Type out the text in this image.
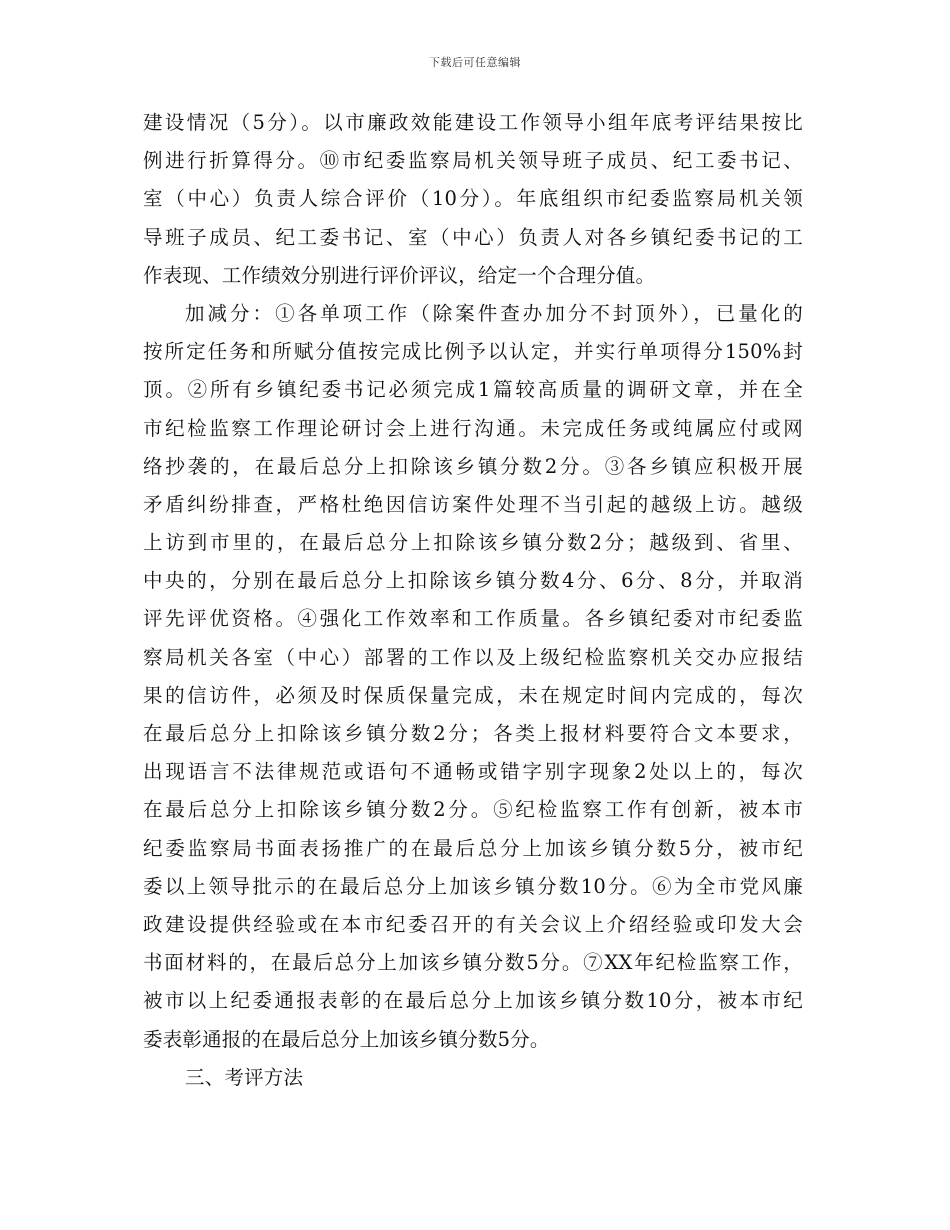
下载后可任意编辑
建设情况（5分）。以市廉政效能建设工作领导小组年底考评结果按比
例进行折算得分。⑩市纪委监察局机关领导班子成员、纪工委书记、
室（中心）负责人综合评价（10分）。年底组织市纪委监察局机关领
导班子成员、纪工委书记、室（中心）负责人对各乡镇纪委书记的工
作表现、工作绩效分别进行评价评议，给定一个合理分值。
加减分：①各单项工作（除案件查办加分不封顶外），已量化的
按所定任务和所赋分值按完成比例予以认定，并实行单项得分150%封
顶。②所有乡镇纪委书记必须完成1篇较高质量的调研文章，并在全
市纪检监察工作理论研讨会上进行沟通。未完成任务或纯属应付或网
络抄袭的，在最后总分上扣除该乡镇分数2分。③各乡镇应积极开展
矛盾纠纷排查，严格杜绝因信访案件处理不当引起的越级上访。越级
上访到市里的，在最后总分上扣除该乡镇分数2分；越级到、省里、
中央的，分别在最后总分上扣除该乡镇分数4分、6分、8分，并取消
评先评优资格。④强化工作效率和工作质量。各乡镇纪委对市纪委监
察局机关各室（中心）部署的工作以及上级纪检监察机关交办应报结
果的信访件，必须及时保质保量完成，未在规定时间内完成的，每次
在最后总分上扣除该乡镇分数2分；各类上报材料要符合文本要求，
出现语言不法律规范或语句不通畅或错字别字现象2处以上的，每次
在最后总分上扣除该乡镇分数2分。⑤纪检监察工作有创新，被本市
纪委监察局书面表扬推广的在最后总分上加该乡镇分数5分，被市纪
委以上领导批示的在最后总分上加该乡镇分数10分。⑥为全市党风廉
政建设提供经验或在本市纪委召开的有关会议上介绍经验或印发大会
书面材料的，在最后总分上加该乡镇分数5分。⑦XX年纪检监察工作，
被市以上纪委通报表彰的在最后总分上加该乡镇分数10分，被本市纪
委表彰通报的在最后总分上加该乡镇分数5分。
三、考评方法
